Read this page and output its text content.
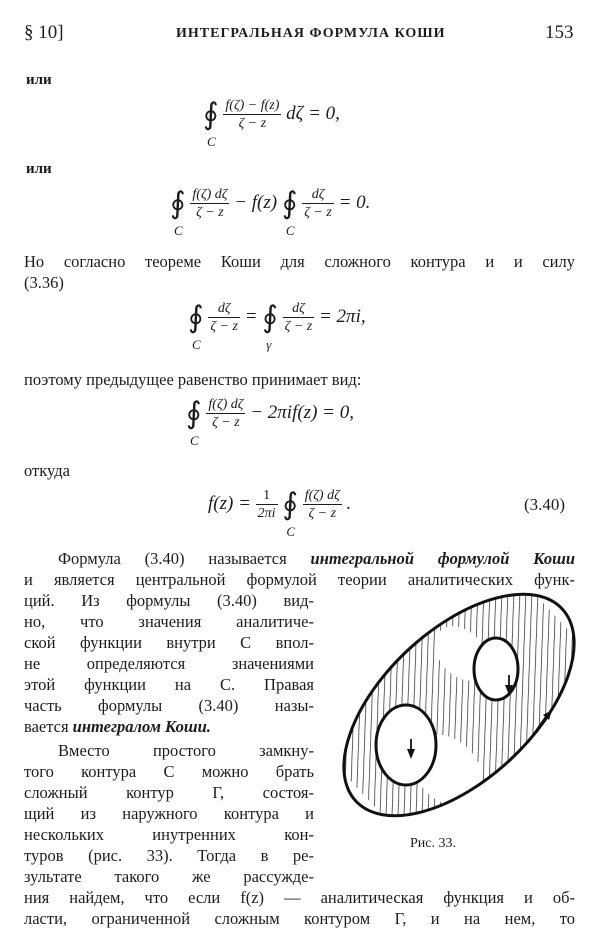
§ 10]	ИНТЕГРАЛЬНАЯ ФОРМУЛА КОШИ	153
или
∮
C

$\frac{f(\zeta) - f(z)}{\zeta - z}$ dζ = 0,
или
∮
C

$\frac{f(\zeta) d\zeta}{\zeta - z} - f(z)$ ∮
C

$\frac{d\zeta}{\zeta - z} = 0$.
Но согласно теореме Коши для сложного контура и и силу
(3.36)
∮
C

$\frac{d\zeta}{\zeta - z}$ = ∮
γ

$\frac{d\zeta}{\zeta - z} = 2\pi i$,
поэтому предыдущее равенство принимает вид:
∮
C

$\frac{f(\zeta) d\zeta}{\zeta - z} - 2\pi if(z) = 0$,
откуда
$f(z) = \frac{1}{2\pi i}$ ∮
C

$\frac{f(\zeta) d\zeta}{\zeta - z}$ .	(3.40)
Формула (3.40) называется интегральной формулой Коши
и является центральной формулой теории аналитических функ-
ций. Из формулы (3.40) вид-
но, что значения аналитиче-
ской функции внутри C впол-
не определяются значениями
этой функции на C. Правая
часть формулы (3.40) назы-
вается интегралом Коши.
Вместо простого замкну-
того контура C можно брать
сложный контур Г, состоя-
щий из наружного контура и
нескольких инутренних кон-
туров (рис. 33). Тогда в ре-
зультате такого же рассужде-
ния найдем, что если f(z) — аналитическая функция и об-
ласти, ограниченной сложным контуром Г, и на нем, то
Рис. 33.
